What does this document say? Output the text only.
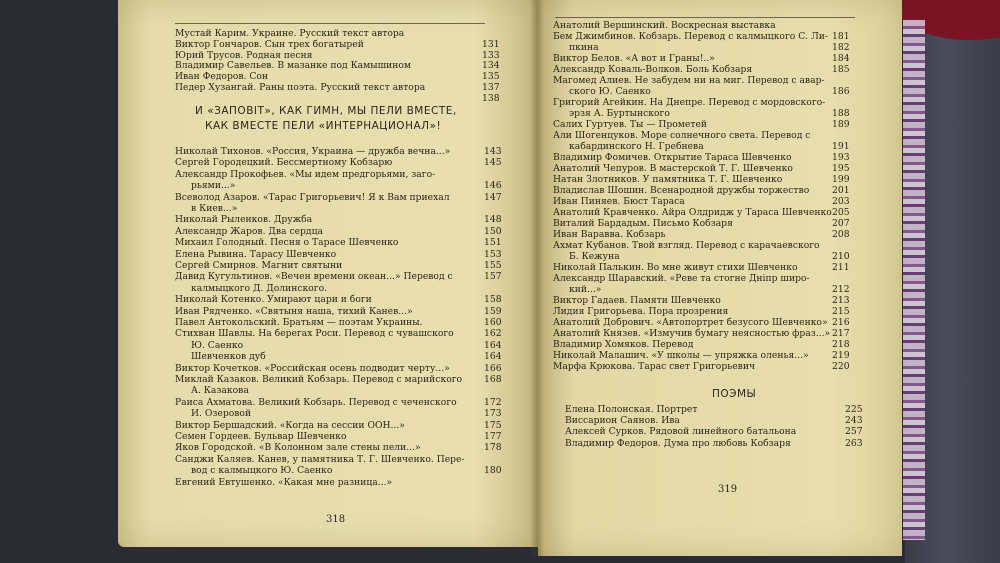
Мустай Карим. Украине. Русский текст автора
Виктор Гончаров. Сын трех богатырей	131
Юрий Трусов. Родная песня	133
Владимир Савельев. В мазанке под Камышином	134
Иван Федоров. Сон	135
Педер Хузангай. Раны поэта. Русский текст автора	137
138
И «ЗАПОВIТ», КАК ГИМН, МЫ ПЕЛИ ВМЕСТЕ,
КАК ВМЕСТЕ ПЕЛИ «ИНТЕРНАЦИОНАЛ»!
Николай Тихонов. «Россия, Украина — дружба вечна...»	143
Сергей Городецкий. Бессмертному Кобзарю	145
Александр Прокофьев. «Мы идем предгорьями, заго-
рьями...»	146
Всеволод Азаров. «Тарас Григорьевич! Я к Вам приехал	147
в Киев...»
Николай Рыленков. Дружба	148
Александр Жаров. Два сердца	150
Михаил Голодный. Песня о Тарасе Шевченко	151
Елена Рывина. Тарасу Шевченко	153
Сергей Смирнов. Магнит святыни	155
Давид Кугультинов. «Вечен времени океан...» Перевод с	157
калмыцкого Д. Долинского.
Николай Котенко. Умирают цари и боги	158
Иван Рядченко. «Святыня наша, тихий Канев...»	159
Павел Антокольский. Братьям — поэтам Украины.	160
Стихван Шавлы. На берегах Роси. Перевод с чувашского	162
Ю. Саенко	164
Шевченков дуб	164
Виктор Кочетков. «Российская осень подводит черту...»	166
Миклай Казаков. Великий Кобзарь. Перевод с марийского 168
А. Казакова
Раиса Ахматова. Великий Кобзарь. Перевод с чеченского	172
И. Озеровой	173
Виктор Бершадский. «Когда на сессии ООН...»	175
Семен Гордеев. Бульвар Шевченко	177
Яков Городской. «В Колонном зале стены пели...»	178
Санджи Каляев. Канев, у памятника Т. Г. Шевченко. Пере-
вод с калмыцкого Ю. Саенко	180
Евгений Евтушенко. «Какая мне разница...»
318
Анатолий Вершинский. Воскресная выставка
Бем Джимбинов. Кобзарь. Перевод с калмыцкого С. Ли- 181
пкина	182
Виктор Белов. «А вот и Граны!..»	184
Александр Коваль-Волков. Боль Кобзаря	185
Магомед Алиев. Не забудем ни на миг. Перевод с авар-
ского Ю. Саенко	186
Григорий Агейкин. На Днепре. Перевод с мордовского-
эрзя А. Буртынского	188
Салих Гуртуев. Ты — Прометей	189
Али Шогенцуков. Море солнечного света. Перевод с
кабардинского Н. Гребнева	191
Владимир Фомичев. Открытие Тараса Шевченко	193
Анатолий Чепуров. В мастерской Т. Г. Шевченко	195
Натан Злотников. У памятника Т. Г. Шевченко	199
Владислав Шошин. Всенародной дружбы торжество 201
Иван Пиняев. Бюст Тараса	203
Анатолий Кравченко. Айра Олдридж у Тараса Шевченко 205
Виталий Бардадым. Письмо Кобзаря	207
Иван Варавва. Кобзарь	208
Ахмат Кубанов. Твой взгляд. Перевод с карачаевского
Б. Кежуна	210
Николай Палькин. Во мне живут стихи Шевченко	211
Александр Шаравский. «Реве та стогне Дніпр широ-
кий...»	212
Виктор Гадаев. Памяти Шевченко	213
Лидия Григорьева. Пора прозрения	215
Анатолий Добрович. «Автопортрет безусого Шевченко» 216
Анатолий Князев. «Измучив бумагу неясностью фраз...» 217
Владимир Хомяков. Перевод	218
Николай Малашич. «У школы — упряжка оленья...»	219
Марфа Крюкова. Тарас свет Григорьевич	220
ПОЭМЫ
Елена Полонская. Портрет	225
Виссарион Саянов. Ива	243
Алексей Сурков. Рядовой линейного батальона	257
Владимир Федоров. Дума про любовь Кобзаря	263
319
